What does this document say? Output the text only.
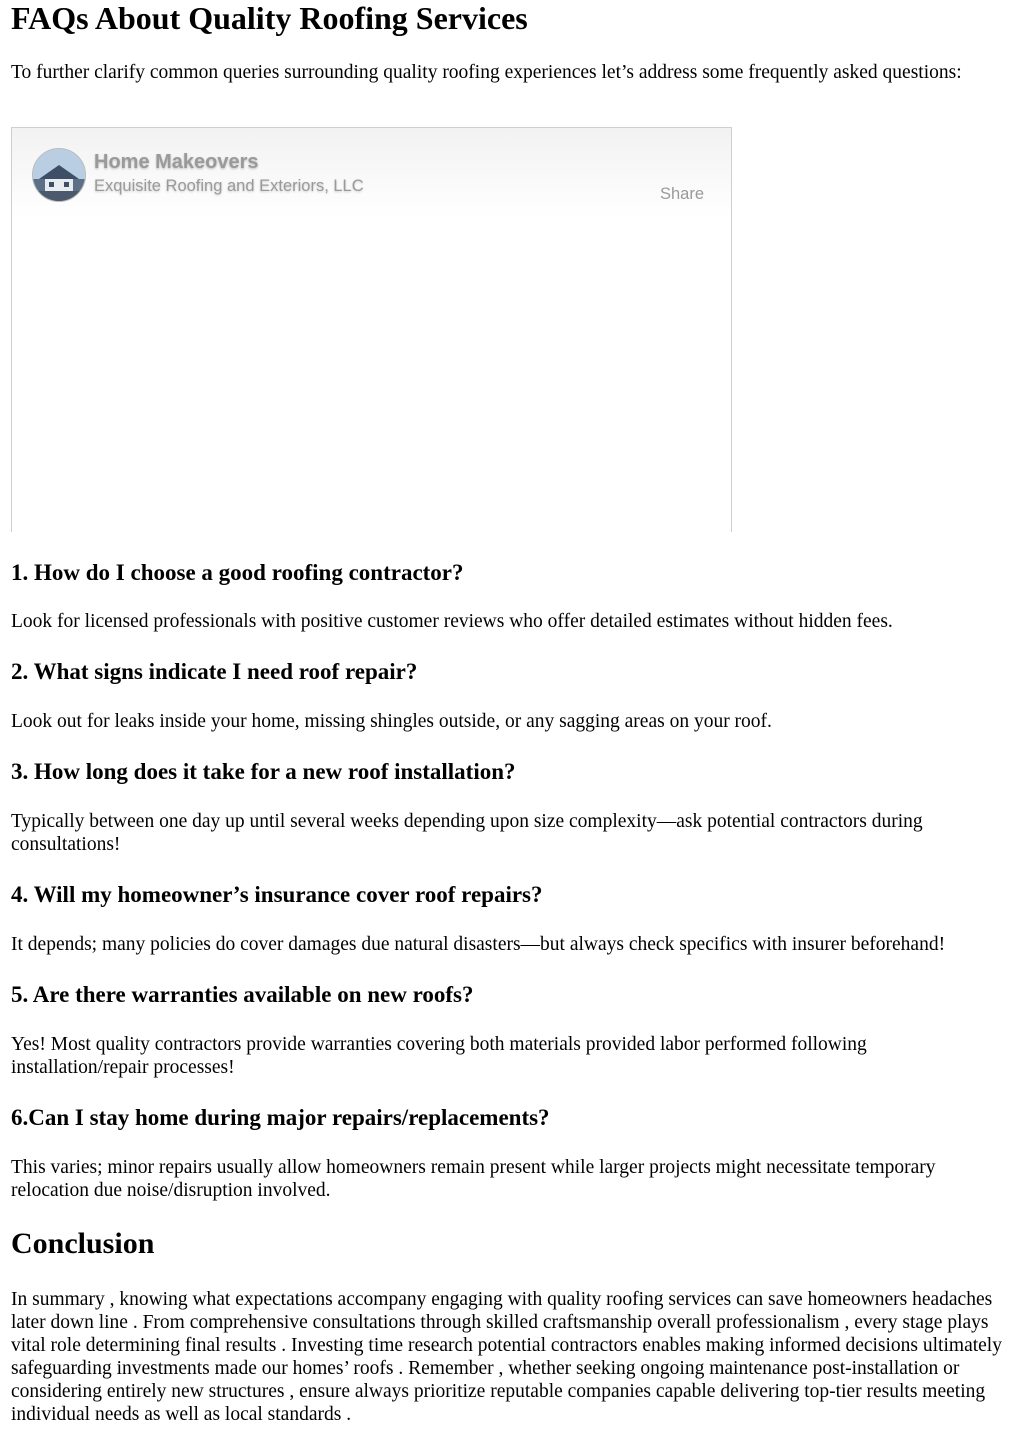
FAQs About Quality Roofing Services

To further clarify common queries surrounding quality roofing experiences let’s address some frequently asked questions:

Home Makeovers
Exquisite Roofing and Exteriors, LLC	Share
1. How do I choose a good roofing contractor?

Look for licensed professionals with positive customer reviews who offer detailed estimates without hidden fees.

2. What signs indicate I need roof repair?

Look out for leaks inside your home, missing shingles outside, or any sagging areas on your roof.

3. How long does it take for a new roof installation?

Typically between one day up until several weeks depending upon size complexity—ask potential contractors during consultations!

4. Will my homeowner’s insurance cover roof repairs?

It depends; many policies do cover damages due natural disasters—but always check specifics with insurer beforehand!

5. Are there warranties available on new roofs?

Yes! Most quality contractors provide warranties covering both materials provided labor performed following installation/repair processes!

6.Can I stay home during major repairs/replacements?

This varies; minor repairs usually allow homeowners remain present while larger projects might necessitate temporary relocation due noise/disruption involved.

Conclusion

In summary , knowing what expectations accompany engaging with quality roofing services can save homeowners headaches later down line . From comprehensive consultations through skilled craftsmanship overall professionalism , every stage plays vital role determining final results . Investing time research potential contractors enables making informed decisions ultimately safeguarding investments made our homes’ roofs . Remember , whether seeking ongoing maintenance post-installation or considering entirely new structures , ensure always prioritize reputable companies capable delivering top-tier results meeting individual needs as well as local standards .
